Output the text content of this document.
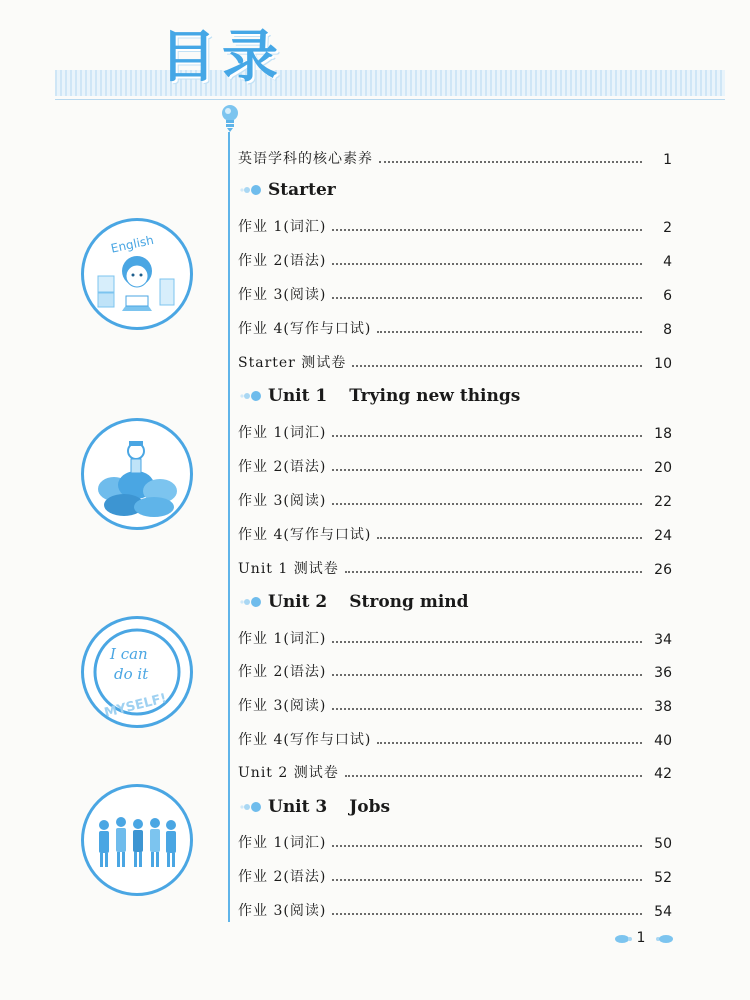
目录
英语学科的核心素养	1
Starter
作业 1(词汇)	2
作业 2(语法)	4
作业 3(阅读)	6
作业 4(写作与口试)	8
Starter 测试卷	10
Unit 1 Trying new things
作业 1(词汇)	18
作业 2(语法)	20
作业 3(阅读)	22
作业 4(写作与口试)	24
Unit 1 测试卷	26
Unit 2 Strong mind
作业 1(词汇)	34
作业 2(语法)	36
作业 3(阅读)	38
作业 4(写作与口试)	40
Unit 2 测试卷	42
Unit 3 Jobs
作业 1(词汇)	50
作业 2(语法)	52
作业 3(阅读)	54
English
I can
do it
MYSELF!
1
